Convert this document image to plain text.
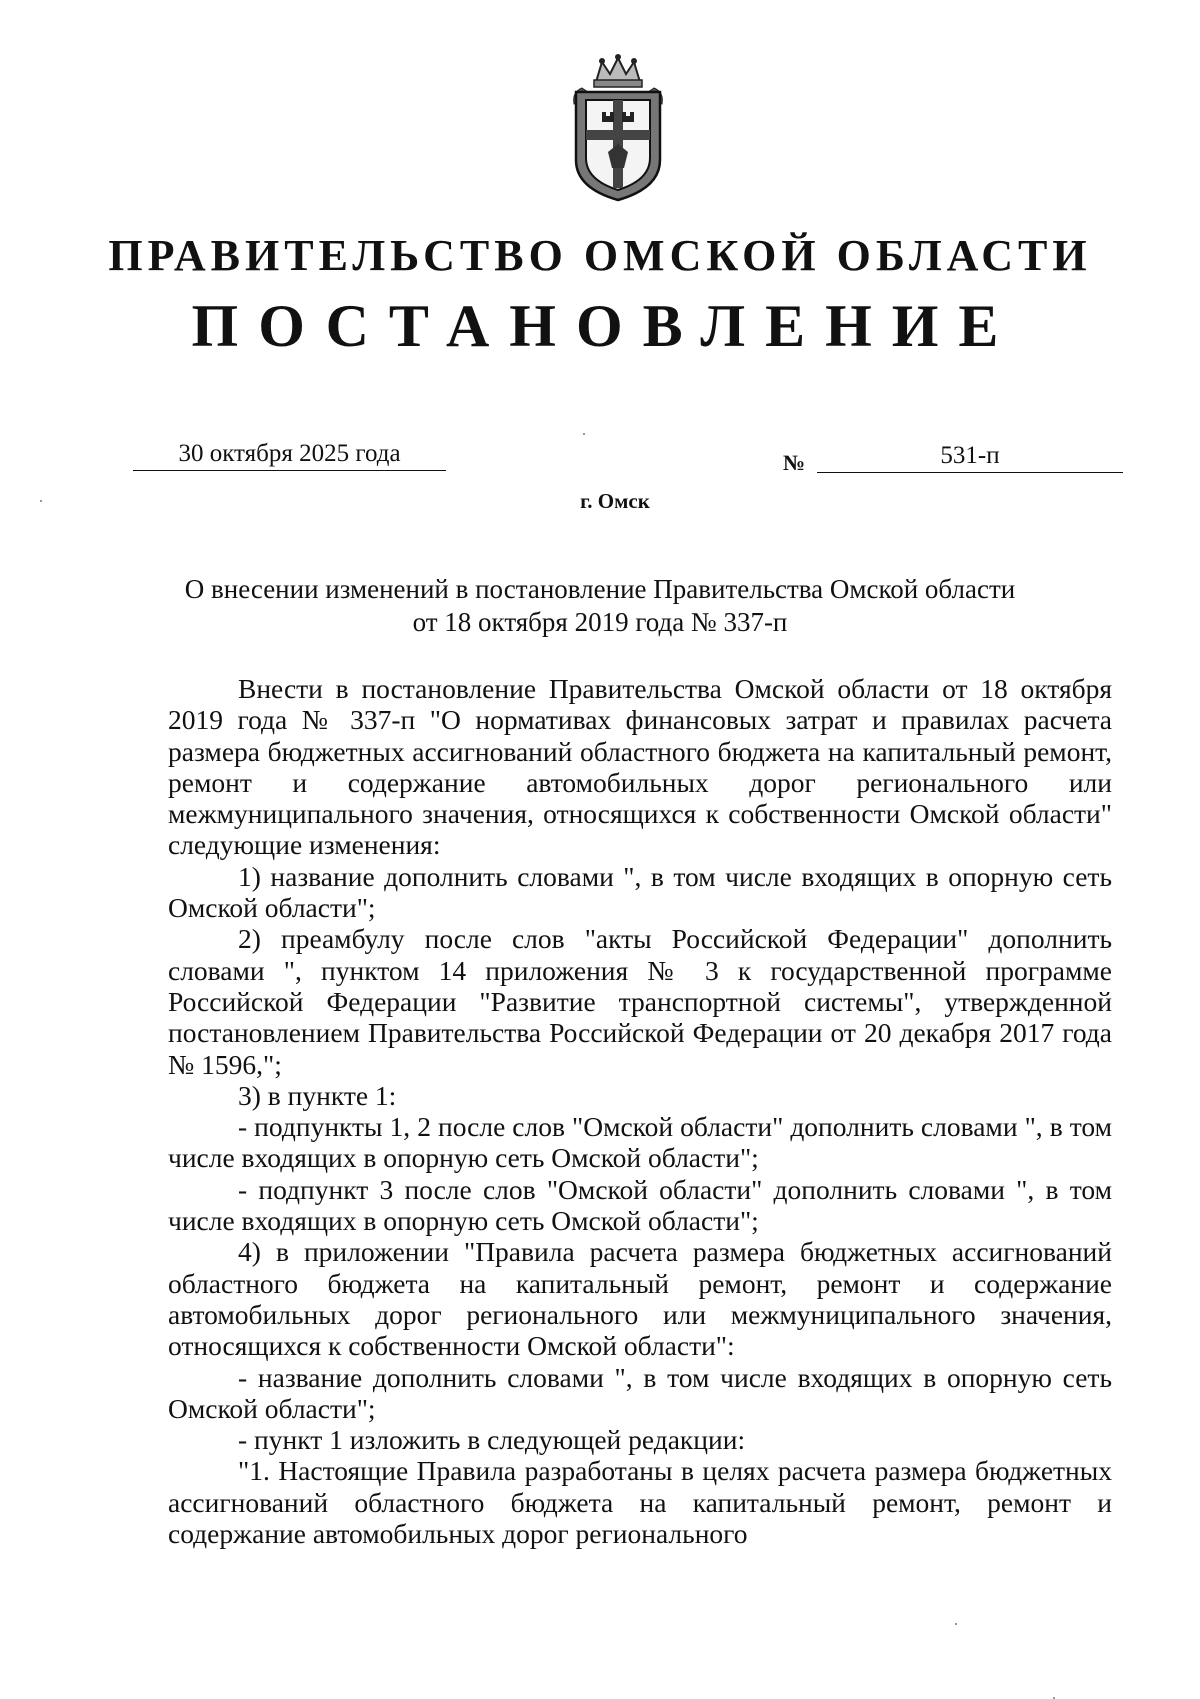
ПРАВИТЕЛЬСТВО ОМСКОЙ ОБЛАСТИ
ПОСТАНОВЛЕНИЕ
30 октября 2025 года	№	531-п
г. Омск
О внесении изменений в постановление Правительства Омской области
от 18 октября 2019 года № 337-п

Внести в постановление Правительства Омской области от 18 октября 2019 года № 337-п "О нормативах финансовых затрат и правилах расчета размера бюджетных ассигнований областного бюджета на капитальный ремонт, ремонт и содержание автомобильных дорог регионального или межмуниципального значения, относящихся к собственности Омской области" следующие изменения:

1) название дополнить словами ", в том числе входящих в опорную сеть Омской области";

2) преамбулу после слов "акты Российской Федерации" дополнить словами ", пунктом 14 приложения № 3 к государственной программе Российской Федерации "Развитие транспортной системы", утвержденной постановлением Правительства Российской Федерации от 20 декабря 2017 года № 1596,";

3) в пункте 1:

- подпункты 1, 2 после слов "Омской области" дополнить словами ", в том числе входящих в опорную сеть Омской области";

- подпункт 3 после слов "Омской области" дополнить словами ", в том числе входящих в опорную сеть Омской области";

4) в приложении "Правила расчета размера бюджетных ассигнований областного бюджета на капитальный ремонт, ремонт и содержание автомобильных дорог регионального или межмуниципального значения, относящихся к собственности Омской области":

- название дополнить словами ", в том числе входящих в опорную сеть Омской области";

- пункт 1 изложить в следующей редакции:

"1. Настоящие Правила разработаны в целях расчета размера бюджетных ассигнований областного бюджета на капитальный ремонт, ремонт и содержание автомобильных дорог регионального
